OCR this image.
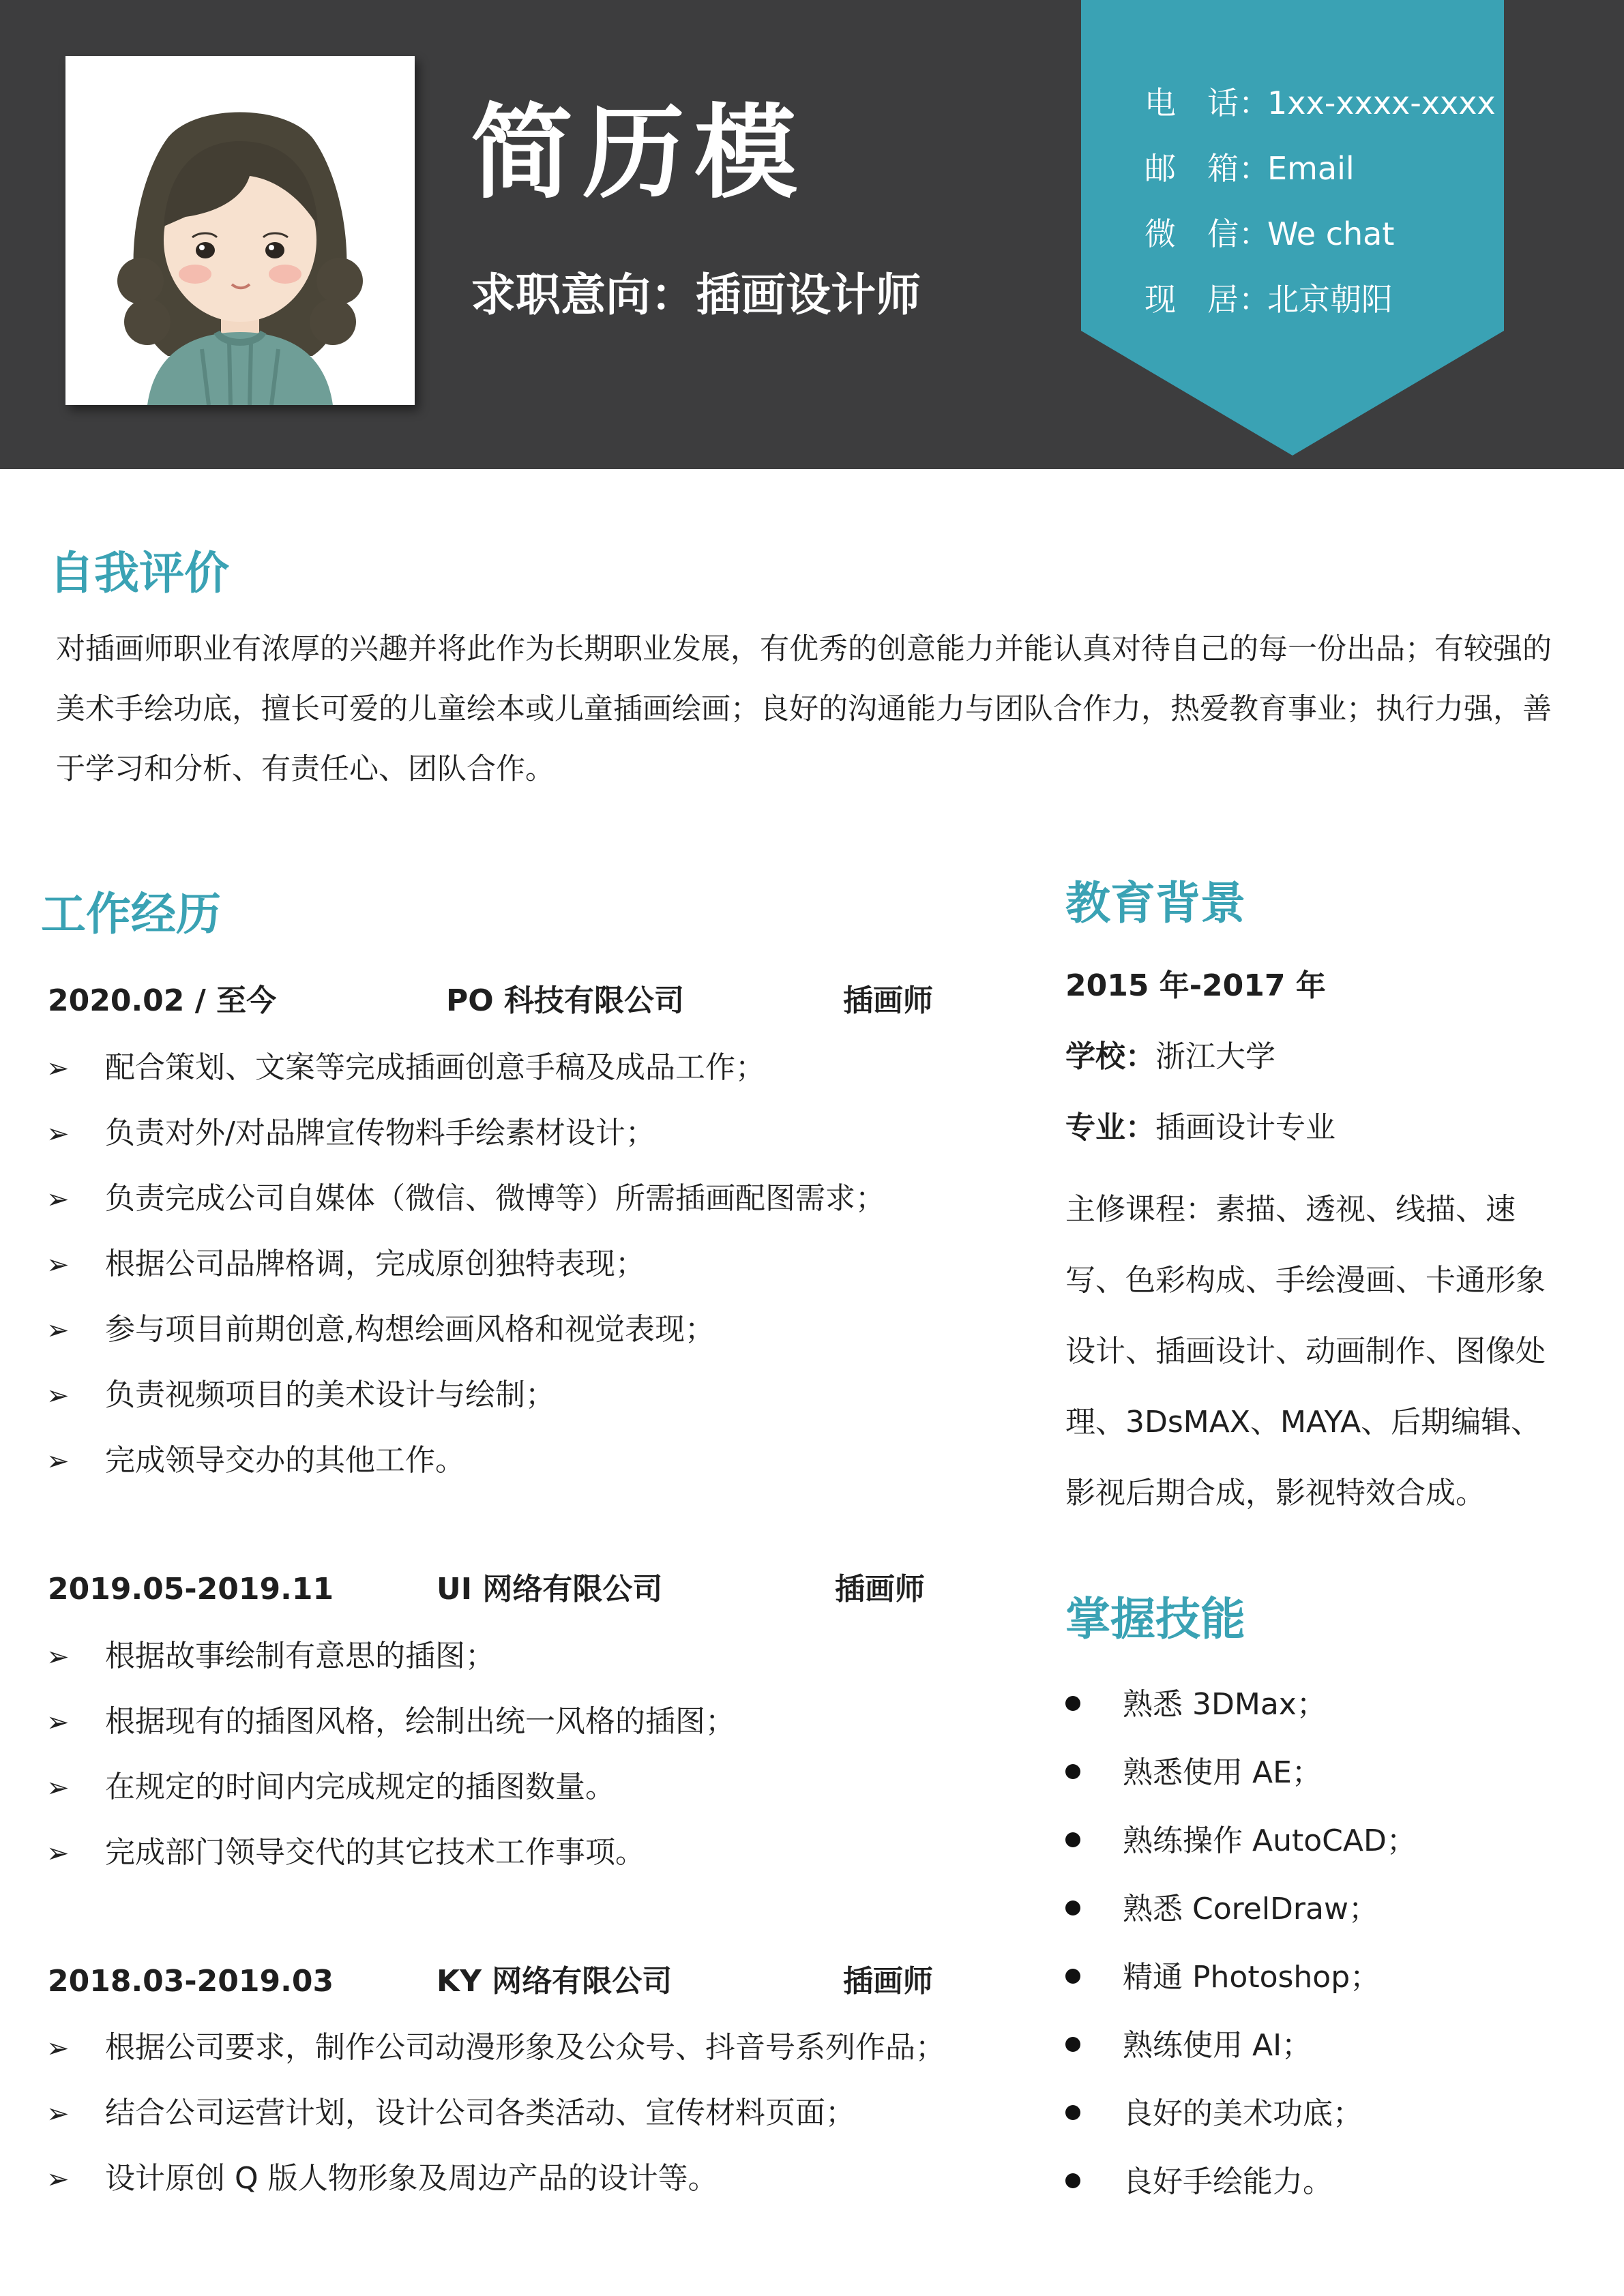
简历模
求职意向：插画设计师
电　话：1xx-xxxx-xxxx
邮　箱：Email
微　信：We chat
现　居：北京朝阳
自我评价
对插画师职业有浓厚的兴趣并将此作为长期职业发展，有优秀的创意能力并能认真对待自己的每一份出品；有较强的美术手绘功底，擅长可爱的儿童绘本或儿童插画绘画；良好的沟通能力与团队合作力，热爱教育事业；执行力强，善于学习和分析、有责任心、团队合作。
工作经历
2020.02 / 至今	PO 科技有限公司	插画师
➢ 配合策划、文案等完成插画创意手稿及成品工作；
➢ 负责对外/对品牌宣传物料手绘素材设计；
➢ 负责完成公司自媒体（微信、微博等）所需插画配图需求；
➢ 根据公司品牌格调，完成原创独特表现；
➢ 参与项目前期创意,构想绘画风格和视觉表现；
➢ 负责视频项目的美术设计与绘制；
➢ 完成领导交办的其他工作。
2019.05-2019.11	UI 网络有限公司	插画师
➢ 根据故事绘制有意思的插图；
➢ 根据现有的插图风格，绘制出统一风格的插图；
➢ 在规定的时间内完成规定的插图数量。
➢ 完成部门领导交代的其它技术工作事项。
2018.03-2019.03	KY 网络有限公司	插画师
➢ 根据公司要求，制作公司动漫形象及公众号、抖音号系列作品；
➢ 结合公司运营计划，设计公司各类活动、宣传材料页面；
➢ 设计原创 Q 版人物形象及周边产品的设计等。
教育背景
2015 年-2017 年
学校：浙江大学
专业：插画设计专业
主修课程：素描、透视、线描、速写、色彩构成、手绘漫画、卡通形象设计、插画设计、动画制作、图像处理、3DsMAX、MAYA、后期编辑、影视后期合成，影视特效合成。
掌握技能
熟悉 3DMax；
熟悉使用 AE；
熟练操作 AutoCAD；
熟悉 CorelDraw；
精通 Photoshop；
熟练使用 AI；
良好的美术功底；
良好手绘能力。
